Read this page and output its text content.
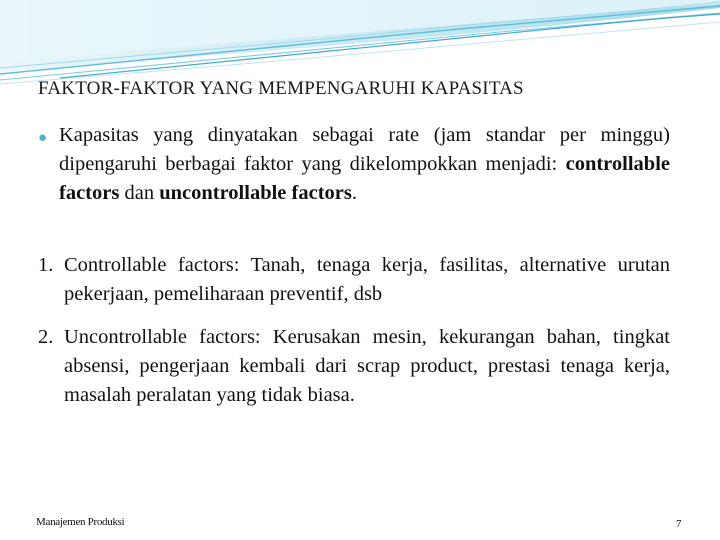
FAKTOR-FAKTOR YANG MEMPENGARUHI KAPASITAS
● Kapasitas yang dinyatakan sebagai rate (jam standar per minggu) dipengaruhi berbagai faktor yang dikelompokkan menjadi: controllable factors dan uncontrollable factors.
1. Controllable factors: Tanah, tenaga kerja, fasilitas, alternative urutan pekerjaan, pemeliharaan preventif, dsb
2. Uncontrollable factors: Kerusakan mesin, kekurangan bahan, tingkat absensi, pengerjaan kembali dari scrap product, prestasi tenaga kerja, masalah peralatan yang tidak biasa.
Manajemen Produksi	7
